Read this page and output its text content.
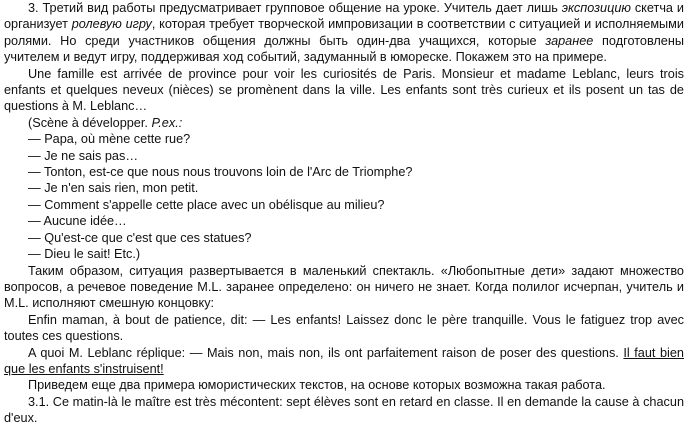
3. Третий вид работы предусматривает групповое общение на уроке. Учитель дает лишь экспозицию скетча и организует ролевую игру, которая требует творческой импровизации в соответствии с ситуацией и исполняемыми ролями. Но среди участников общения должны быть один-два учащихся, которые заранее подготовлены учителем и ведут игру, поддерживая ход событий, задуманный в юмореске. Покажем это на примере.

Une famille est arrivée de province pour voir les curiosités de Paris. Monsieur et madame Leblanc, leurs trois enfants et quelques neveux (nièces) se promènent dans la ville. Les enfants sont très curieux et ils posent un tas de questions à M. Leblanc…

(Scène à développer. P.ex.:

— Papa, où mène cette rue?

— Je ne sais pas…

— Tonton, est-ce que nous nous trouvons loin de l'Arc de Triomphe?

— Je n'en sais rien, mon petit.

— Comment s'appelle cette place avec un obélisque au milieu?

— Aucune idée…

— Qu'est-ce que c'est que ces statues?

— Dieu le sait! Etc.)

Таким образом, ситуация развертывается в маленький спектакль. «Любопытные дети» задают множество вопросов, а речевое поведение M.L. заранее определено: он ничего не знает. Когда полилог исчерпан, учитель и M.L. исполняют смешную концовку:

Enfin maman, à bout de patience, dit: — Les enfants! Laissez donc le père tranquille. Vous le fatiguez trop avec toutes ces questions.

A quoi M. Leblanc réplique: — Mais non, mais non, ils ont parfaitement raison de poser des questions. Il faut bien que les enfants s'instruisent!

Приведем еще два примера юмористических текстов, на основе которых возможна такая работа.

3.1. Ce matin-là le maître est très mécontent: sept élèves sont en retard en classe. Il en demande la cause à chacun d'eux.
